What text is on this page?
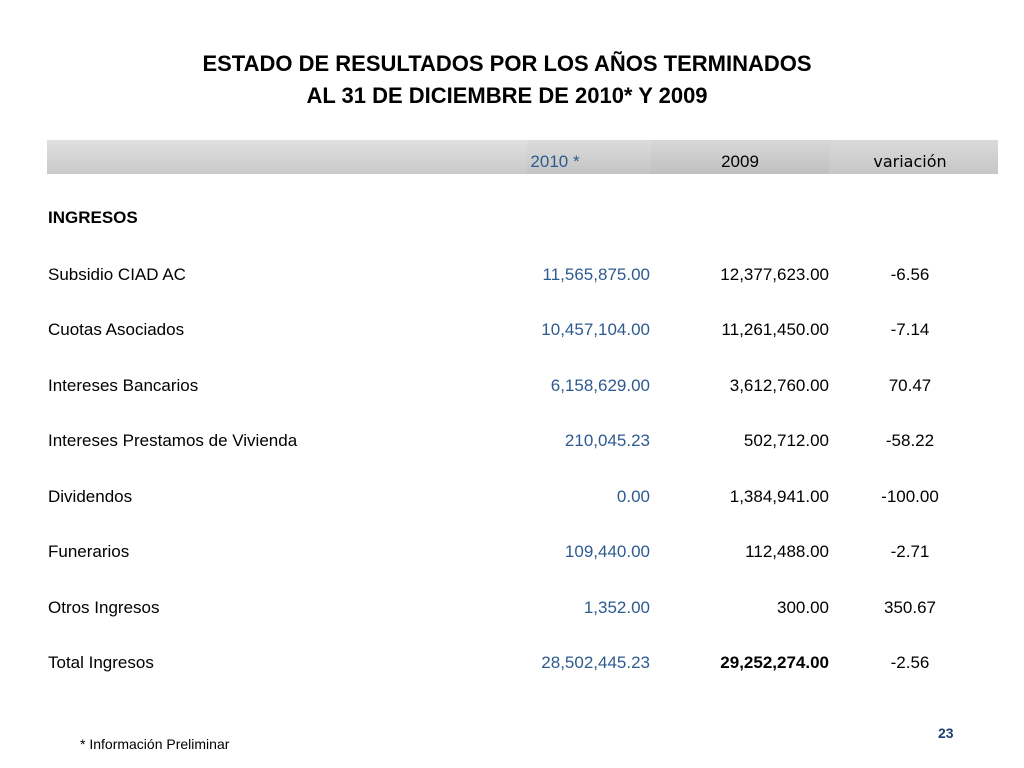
ESTADO DE RESULTADOS POR LOS AÑOS TERMINADOS
AL 31 DE DICIEMBRE DE 2010* Y 2009
2010 *	2009	variación
INGRESOS
Subsidio CIAD AC	11,565,875.00	12,377,623.00	-6.56
Cuotas Asociados	10,457,104.00	11,261,450.00	-7.14
Intereses Bancarios	6,158,629.00	3,612,760.00	70.47
Intereses Prestamos de Vivienda	210,045.23	502,712.00	-58.22
Dividendos	0.00	1,384,941.00	-100.00
Funerarios	109,440.00	112,488.00	-2.71
Otros Ingresos	1,352.00	300.00	350.67
Total Ingresos	28,502,445.23	29,252,274.00	-2.56
23
* Información Preliminar
